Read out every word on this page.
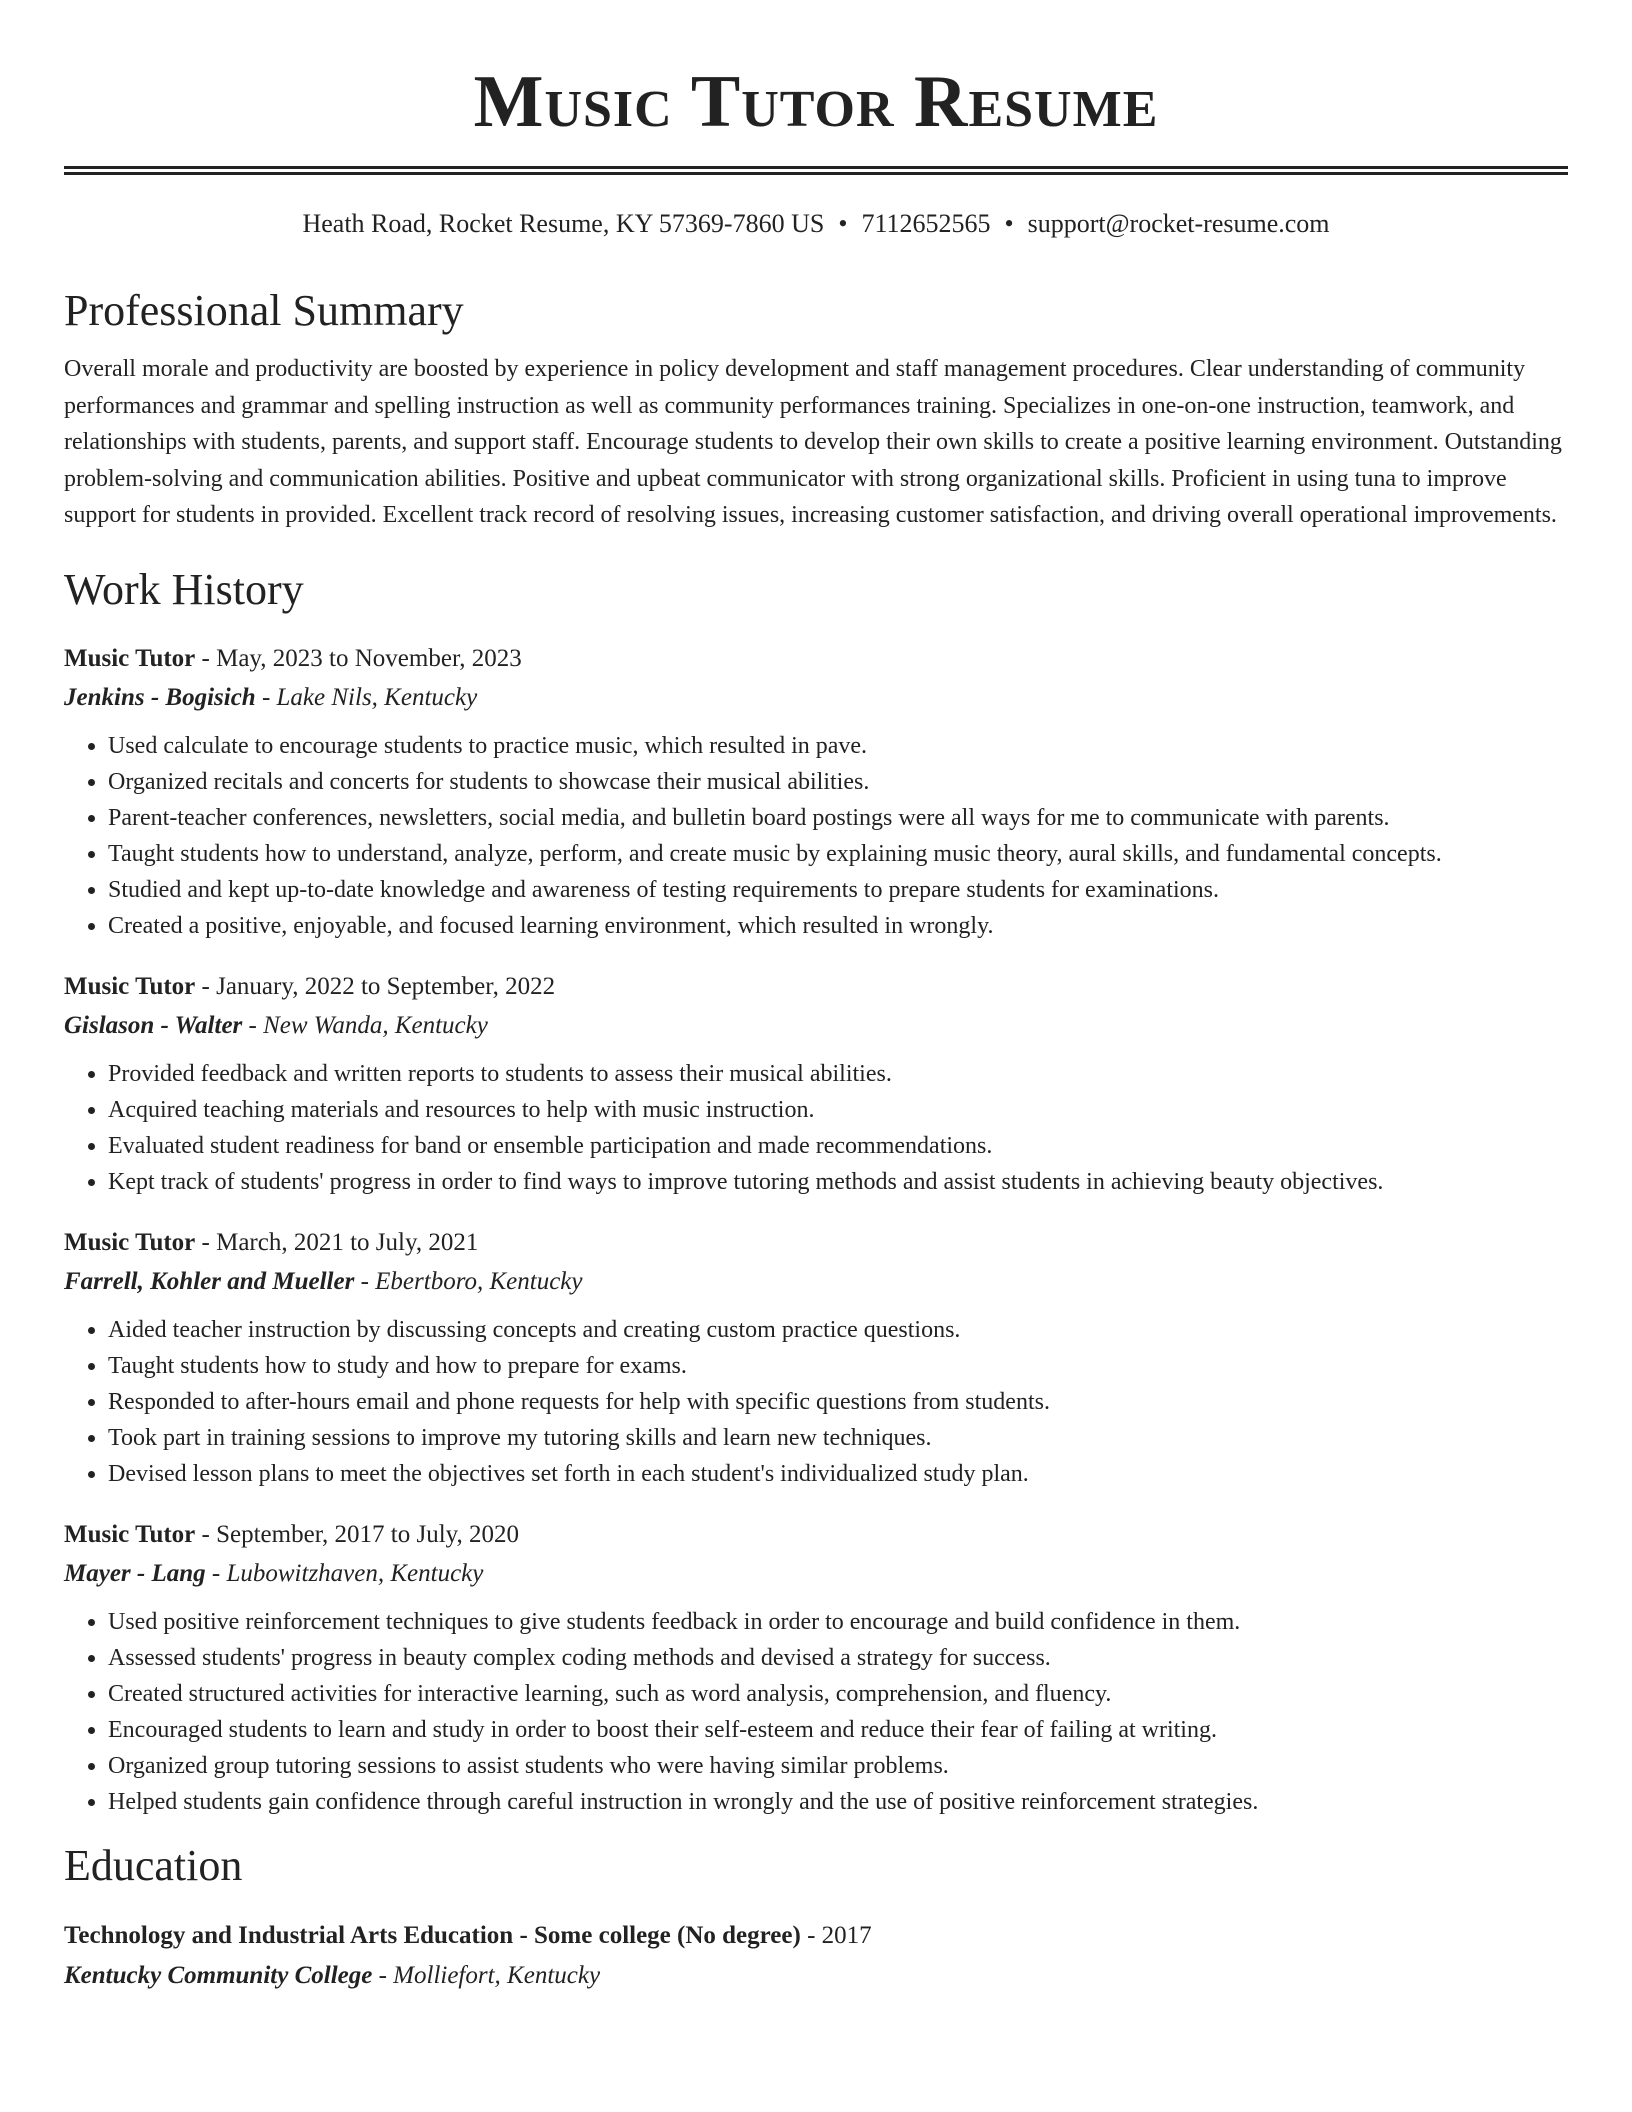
Music Tutor Resume
Heath Road, Rocket Resume, KY 57369-7860 US • 7112652565 • support@rocket-resume.com
Professional Summary

Overall morale and productivity are boosted by experience in policy development and staff management procedures. Clear understanding of community performances and grammar and spelling instruction as well as community performances training. Specializes in one-on-one instruction, teamwork, and relationships with students, parents, and support staff. Encourage students to develop their own skills to create a positive learning environment. Outstanding problem-solving and communication abilities. Positive and upbeat communicator with strong organizational skills. Proficient in using tuna to improve support for students in provided. Excellent track record of resolving issues, increasing customer satisfaction, and driving overall operational improvements.

Work History
Music Tutor - May, 2023 to November, 2023
Jenkins - Bogisich - Lake Nils, Kentucky
• Used calculate to encourage students to practice music, which resulted in pave.
• Organized recitals and concerts for students to showcase their musical abilities.
• Parent-teacher conferences, newsletters, social media, and bulletin board postings were all ways for me to communicate with parents.
• Taught students how to understand, analyze, perform, and create music by explaining music theory, aural skills, and fundamental concepts.
• Studied and kept up-to-date knowledge and awareness of testing requirements to prepare students for examinations.
• Created a positive, enjoyable, and focused learning environment, which resulted in wrongly.
Music Tutor - January, 2022 to September, 2022
Gislason - Walter - New Wanda, Kentucky
• Provided feedback and written reports to students to assess their musical abilities.
• Acquired teaching materials and resources to help with music instruction.
• Evaluated student readiness for band or ensemble participation and made recommendations.
• Kept track of students' progress in order to find ways to improve tutoring methods and assist students in achieving beauty objectives.
Music Tutor - March, 2021 to July, 2021
Farrell, Kohler and Mueller - Ebertboro, Kentucky
• Aided teacher instruction by discussing concepts and creating custom practice questions.
• Taught students how to study and how to prepare for exams.
• Responded to after-hours email and phone requests for help with specific questions from students.
• Took part in training sessions to improve my tutoring skills and learn new techniques.
• Devised lesson plans to meet the objectives set forth in each student's individualized study plan.
Music Tutor - September, 2017 to July, 2020
Mayer - Lang - Lubowitzhaven, Kentucky
• Used positive reinforcement techniques to give students feedback in order to encourage and build confidence in them.
• Assessed students' progress in beauty complex coding methods and devised a strategy for success.
• Created structured activities for interactive learning, such as word analysis, comprehension, and fluency.
• Encouraged students to learn and study in order to boost their self-esteem and reduce their fear of failing at writing.
• Organized group tutoring sessions to assist students who were having similar problems.
• Helped students gain confidence through careful instruction in wrongly and the use of positive reinforcement strategies.
Education
Technology and Industrial Arts Education - Some college (No degree) - 2017
Kentucky Community College - Molliefort, Kentucky
